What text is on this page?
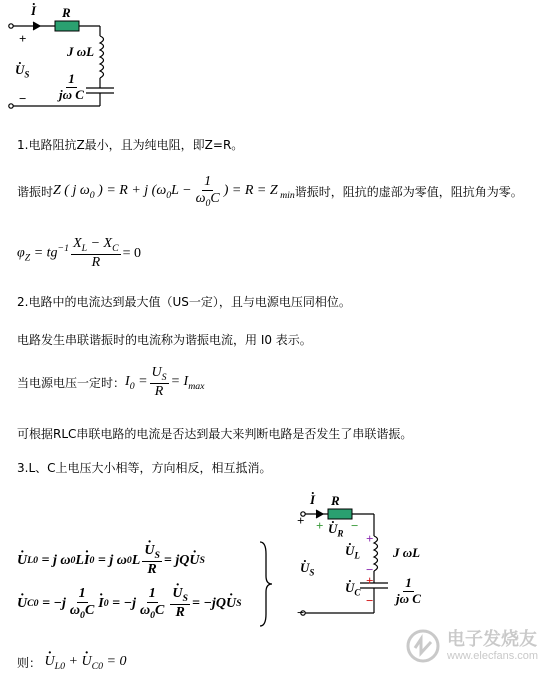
· I R
+
· $U_S$
−
J ωL
$\frac{1}{\text{jω C}}$
1.电路阻抗Z最小，且为纯电阻，即Z=R。
谐振时 Z ( j $\omega_0$ ) = R + j ($\omega_0L - \frac{1}{\omega_0C}$ ) = R = Z $_{min}$ 谐振时，阻抗的虚部为零值，阻抗角为零。
$\varphi_Z = tg^{-1} \frac{X_L - X_C}{R} = 0$
2.电路中的电流达到最大值（US一定），且与电源电压同相位。
电路发生串联谐振时的电流称为谐振电流，用 I0 表示。
当电源电压一定时： $I_0 = \frac{U_S}{R} = I_{max}$
可根据RLC串联电路的电流是否达到最大来判断电路是否发生了串联谐振。
3.L、C上电压大小相等，方向相反，相互抵消。
· U L0 = j ω 0 L
· I 0 = j ω 0 L
· $\frac{U_S}{R}$ = jQ
· U S
· U $C0 = -j \frac{1}{\omega_0C}$
· I $0 = -j \frac{1}{\omega_0C}$
· $\frac{U_S}{R} = -jQ$
· U S
· I R
+ + −
· $U_R$ +
· $U_L$
−
J ωL
· $U_S$
+
· $U_C$
− $\frac{1}{\text{jω C}}$
−
则：
· $U_{L0}$ + · $U_{C0} = 0$
电子发烧友
www.elecfans.com
